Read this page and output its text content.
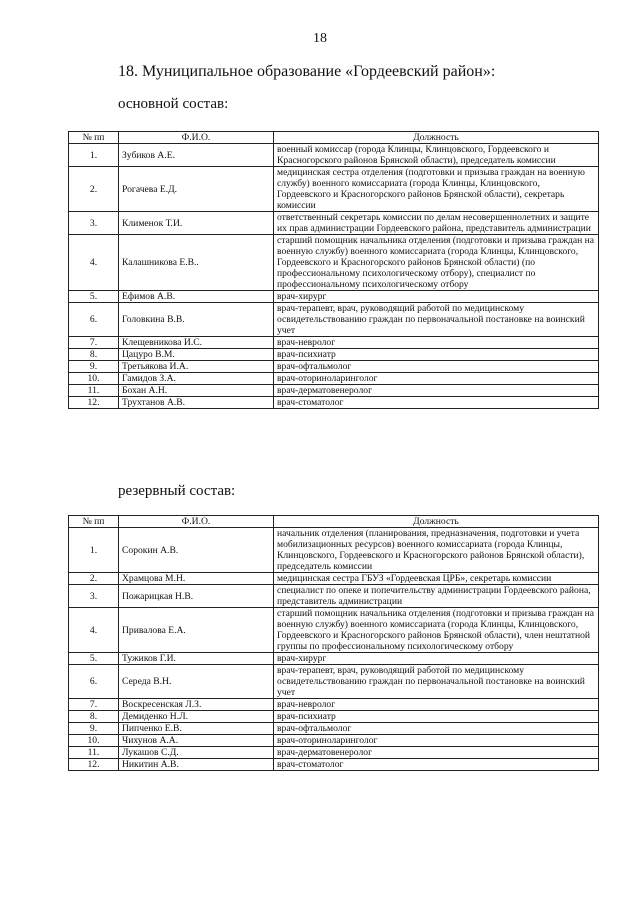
18
18. Муниципальное образование «Гордеевский район»:
основной состав:
№ пп	Ф.И.О.	Должность
1.	Зубиков А.Е.	военный комиссар (города Клинцы, Клинцовского, Гордеевского и Красногорского районов Брянской области), председатель комиссии
2.	Рогачева Е.Д.	медицинская сестра отделения (подготовки и призыва граждан на военную службу) военного комиссариата (города Клинцы, Клинцовского, Гордеевского и Красногорского районов Брянской области), секретарь комиссии
3.	Клименок Т.И.	ответственный секретарь комиссии по делам несовершеннолетних и защите их прав администрации Гордеевского района, представитель администрации
4.	Калашникова Е.В..	старший помощник начальника отделения (подготовки и призыва граждан на военную службу) военного комиссариата (города Клинцы, Клинцовского, Гордеевского и Красногорского районов Брянской области) (по профессиональному психологическому отбору), специалист по профессиональному психологическому отбору
5.	Ефимов А.В.	врач-хирург
6.	Головкина В.В.	врач-терапевт, врач, руководящий работой по медицинскому освидетельствованию граждан по первоначальной постановке на воинский учет
7.	Клещевникова И.С.	врач-невролог
8.	Цацуро В.М.	врач-психиатр
9.	Третьякова И.А.	врач-офтальмолог
10.	Гамидов З.А.	врач-оториноларинголог
11.	Бохан А.Н.	врач-дерматовенеролог
12.	Трухтанов А.В.	врач-стоматолог
резервный состав:
№ пп	Ф.И.О.	Должность
1.	Сорокин А.В.	начальник отделения (планирования, предназначения, подготовки и учета мобилизационных ресурсов) военного комиссариата (города Клинцы, Клинцовского, Гордеевского и Красногорского районов Брянской области), председатель комиссии
2.	Храмцова М.Н.	медицинская сестра ГБУЗ «Гордеевская ЦРБ», секретарь комиссии
3.	Пожарицкая Н.В.	специалист по опеке и попечительству администрации Гордеевского района, представитель администрации
4.	Привалова Е.А.	старший помощник начальника отделения (подготовки и призыва граждан на военную службу) военного комиссариата (города Клинцы, Клинцовского, Гордеевского и Красногорского районов Брянской области), член нештатной группы по профессиональному психологическому отбору
5.	Тужиков Г.И.	врач-хирург
6.	Середа В.Н.	врач-терапевт, врач, руководящий работой по медицинскому освидетельствованию граждан по первоначальной постановке на воинский учет
7.	Воскресенская Л.З.	врач-невролог
8.	Демиденко Н.Л.	врач-психиатр
9.	Пипченко Е.В.	врач-офтальмолог
10.	Чихунов А.А.	врач-оториноларинголог
11.	Лукашов С.Д.	врач-дерматовенеролог
12.	Никитин А.В.	врач-стоматолог
